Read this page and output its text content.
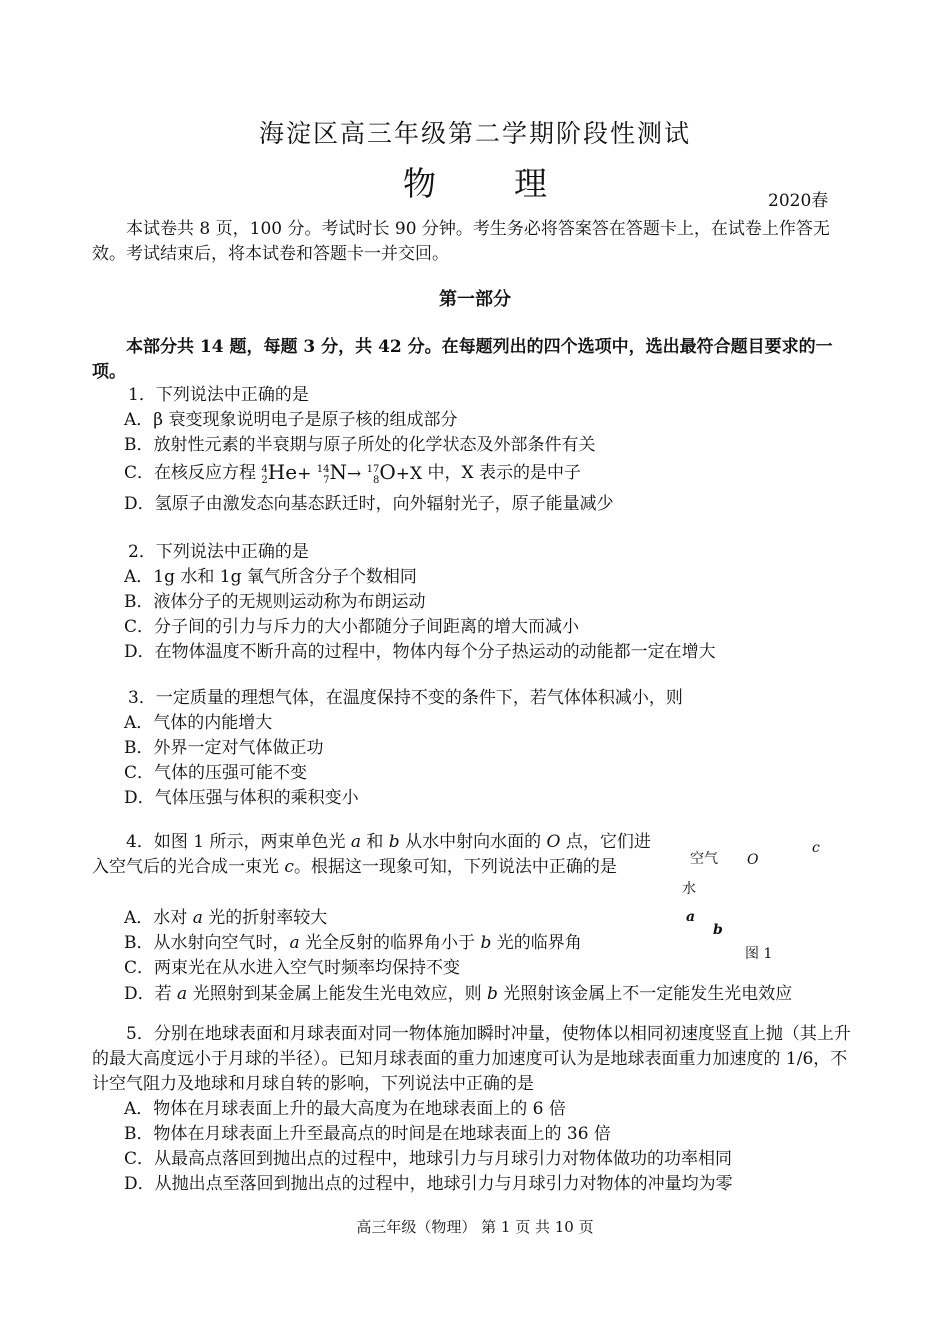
海淀区高三年级第二学期阶段性测试
物理	2020春
本试卷共 8 页，100 分。考试时长 90 分钟。考生务必将答案答在答题卡上，在试卷上作答无效。考试结束后，将本试卷和答题卡一并交回。
第一部分
本部分共 14 题，每题 3 分，共 42 分。在每题列出的四个选项中，选出最符合题目要求的一项。
1．下列说法中正确的是
A．β 衰变现象说明电子是原子核的组成部分
B．放射性元素的半衰期与原子所处的化学状态及外部条件有关
C．在核反应方程 4
2 He+ 14
7 N→ 17
8 O+X 中，X 表示的是中子
D．氢原子由激发态向基态跃迁时，向外辐射光子，原子能量减少
2．下列说法中正确的是
A．1g 水和 1g 氧气所含分子个数相同
B．液体分子的无规则运动称为布朗运动
C．分子间的引力与斥力的大小都随分子间距离的增大而减小
D．在物体温度不断升高的过程中，物体内每个分子热运动的动能都一定在增大
3．一定质量的理想气体，在温度保持不变的条件下，若气体体积减小，则
A．气体的内能增大
B．外界一定对气体做正功
C．气体的压强可能不变
D．气体压强与体积的乘积变小
4．如图 1 所示，两束单色光 a 和 b 从水中射向水面的 O 点，它们进入空气后的光合成一束光 c。根据这一现象可知，下列说法中正确的是
A．水对 a 光的折射率较大
B．从水射向空气时，a 光全反射的临界角小于 b 光的临界角
C．两束光在从水进入空气时频率均保持不变
D．若 a 光照射到某金属上能发生光电效应，则 b 光照射该金属上不一定能发生光电效应
空气 O
c
水
a
b
图 1
5．分别在地球表面和月球表面对同一物体施加瞬时冲量，使物体以相同初速度竖直上抛（其上升的最大高度远小于月球的半径）。已知月球表面的重力加速度可认为是地球表面重力加速度的 1/6，不计空气阻力及地球和月球自转的影响，下列说法中正确的是
A．物体在月球表面上升的最大高度为在地球表面上的 6 倍
B．物体在月球表面上升至最高点的时间是在地球表面上的 36 倍
C．从最高点落回到抛出点的过程中，地球引力与月球引力对物体做功的功率相同
D．从抛出点至落回到抛出点的过程中，地球引力与月球引力对物体的冲量均为零
高三年级（物理） 第 1 页 共 10 页
